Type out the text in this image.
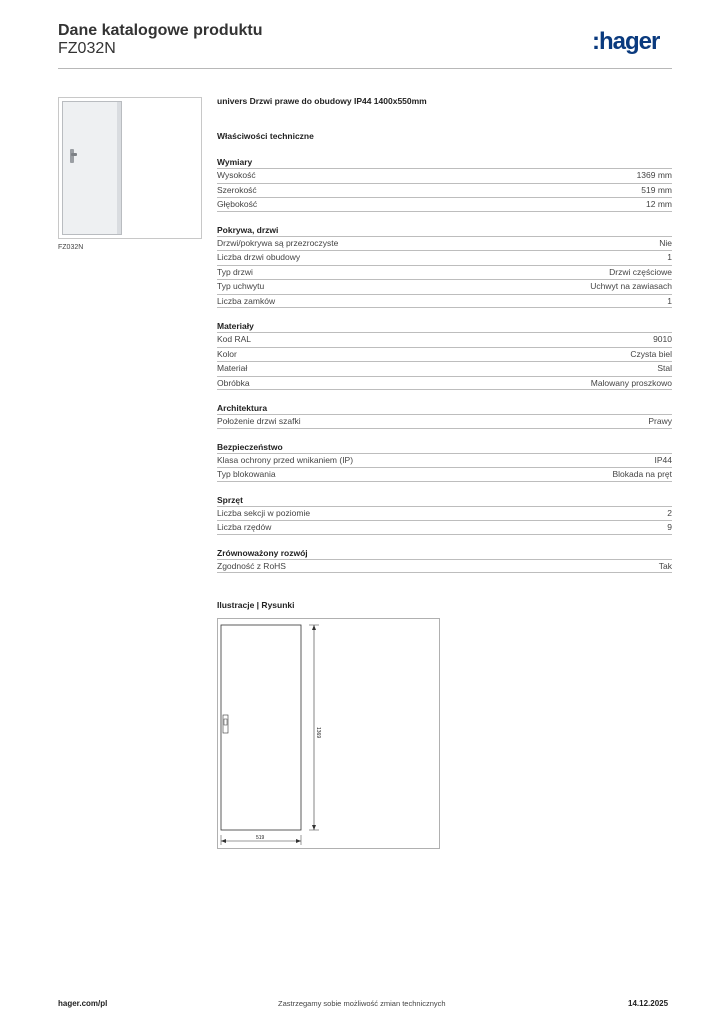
Dane katalogowe produktu
FZ032N	:hager
FZ032N
univers Drzwi prawe do obudowy IP44 1400x550mm
Właściwości techniczne
Wymiary
Wysokość	1369 mm
Szerokość	519 mm
Głębokość	12 mm
Pokrywa, drzwi
Drzwi/pokrywa są przezroczyste	Nie
Liczba drzwi obudowy	1
Typ drzwi	Drzwi częściowe
Typ uchwytu	Uchwyt na zawiasach
Liczba zamków	1
Materiały
Kod RAL	9010
Kolor	Czysta biel
Materiał	Stal
Obróbka	Malowany proszkowo
Architektura
Położenie drzwi szafki	Prawy
Bezpieczeństwo
Klasa ochrony przed wnikaniem (IP)	IP44
Typ blokowania	Blokada na pręt
Sprzęt
Liczba sekcji w poziomie	2
Liczba rzędów	9
Zrównoważony rozwój
Zgodność z RoHS	Tak
Ilustracje | Rysunki
1369
519
hager.com/pl	Zastrzegamy sobie możliwość zmian technicznych	14.12.2025
